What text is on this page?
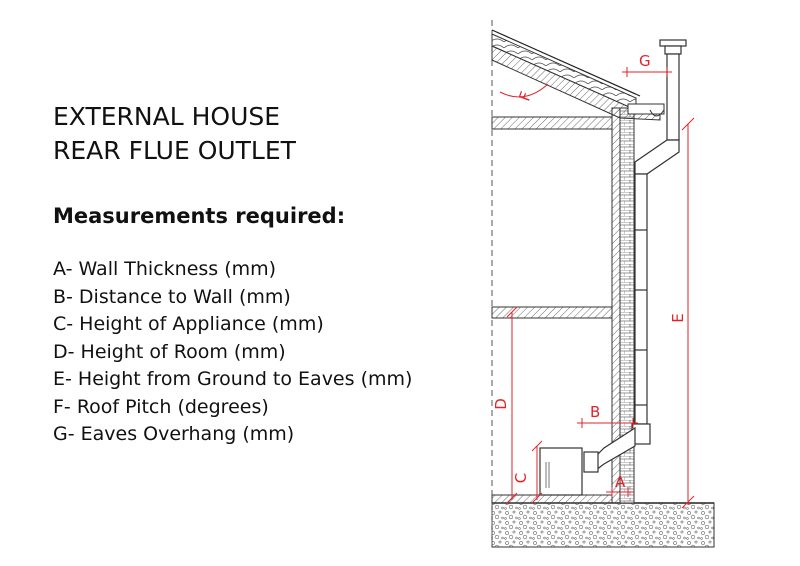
EXTERNAL HOUSE
REAR FLUE OUTLET
Measurements required:
A- Wall Thickness (mm)
B- Distance to Wall (mm)
C- Height of Appliance (mm)
D- Height of Room (mm)
E- Height from Ground to Eaves (mm)
F- Roof Pitch (degrees)
G- Eaves Overhang (mm)
A
B
C
D
E
F
G
